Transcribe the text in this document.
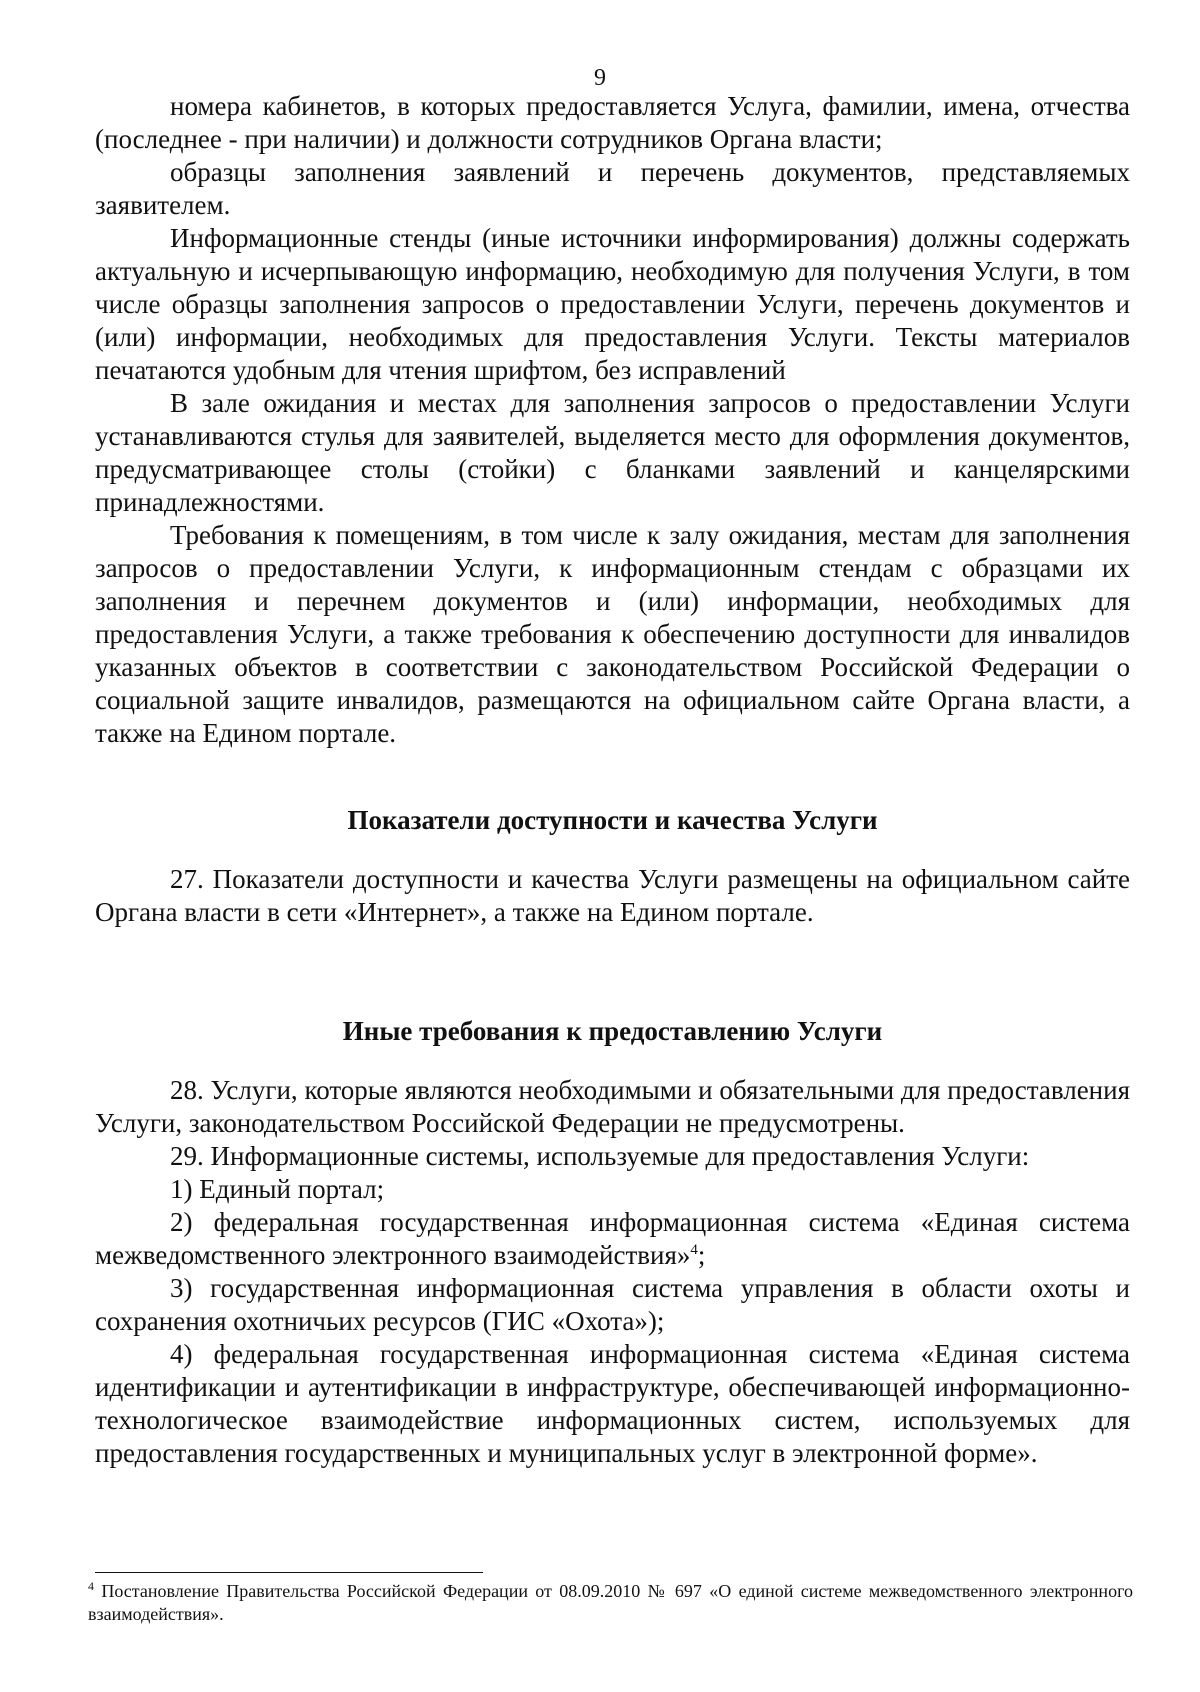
9

номера кабинетов, в которых предоставляется Услуга, фамилии, имена, отчества (последнее - при наличии) и должности сотрудников Органа власти;

образцы заполнения заявлений и перечень документов, представляемых заявителем.

Информационные стенды (иные источники информирования) должны содержать актуальную и исчерпывающую информацию, необходимую для получения Услуги, в том числе образцы заполнения запросов о предоставлении Услуги, перечень документов и (или) информации, необходимых для предоставления Услуги. Тексты материалов печатаются удобным для чтения шрифтом, без исправлений

В зале ожидания и местах для заполнения запросов о предоставлении Услуги устанавливаются стулья для заявителей, выделяется место для оформления документов, предусматривающее столы (стойки) с бланками заявлений и канцелярскими принадлежностями.

Требования к помещениям, в том числе к залу ожидания, местам для заполнения запросов о предоставлении Услуги, к информационным стендам с образцами их заполнения и перечнем документов и (или) информации, необходимых для предоставления Услуги, а также требования к обеспечению доступности для инвалидов указанных объектов в соответствии с законодательством Российской Федерации о социальной защите инвалидов, размещаются на официальном сайте Органа власти, а также на Едином портале.

Показатели доступности и качества Услуги

27. Показатели доступности и качества Услуги размещены на официальном сайте Органа власти в сети «Интернет», а также на Едином портале.

Иные требования к предоставлению Услуги

28. Услуги, которые являются необходимыми и обязательными для предоставления Услуги, законодательством Российской Федерации не предусмотрены.

29. Информационные системы, используемые для предоставления Услуги:

1) Единый портал;

2) федеральная государственная информационная система «Единая система межведомственного электронного взаимодействия»$^4$;

3) государственная информационная система управления в области охоты и сохранения охотничьих ресурсов (ГИС «Охота»);

4) федеральная государственная информационная система «Единая система идентификации и аутентификации в инфраструктуре, обеспечивающей информационно-технологическое взаимодействие информационных систем, используемых для предоставления государственных и муниципальных услуг в электронной форме».

$^4$ Постановление Правительства Российской Федерации от 08.09.2010 № 697 «О единой системе межведомственного электронного взаимодействия».
